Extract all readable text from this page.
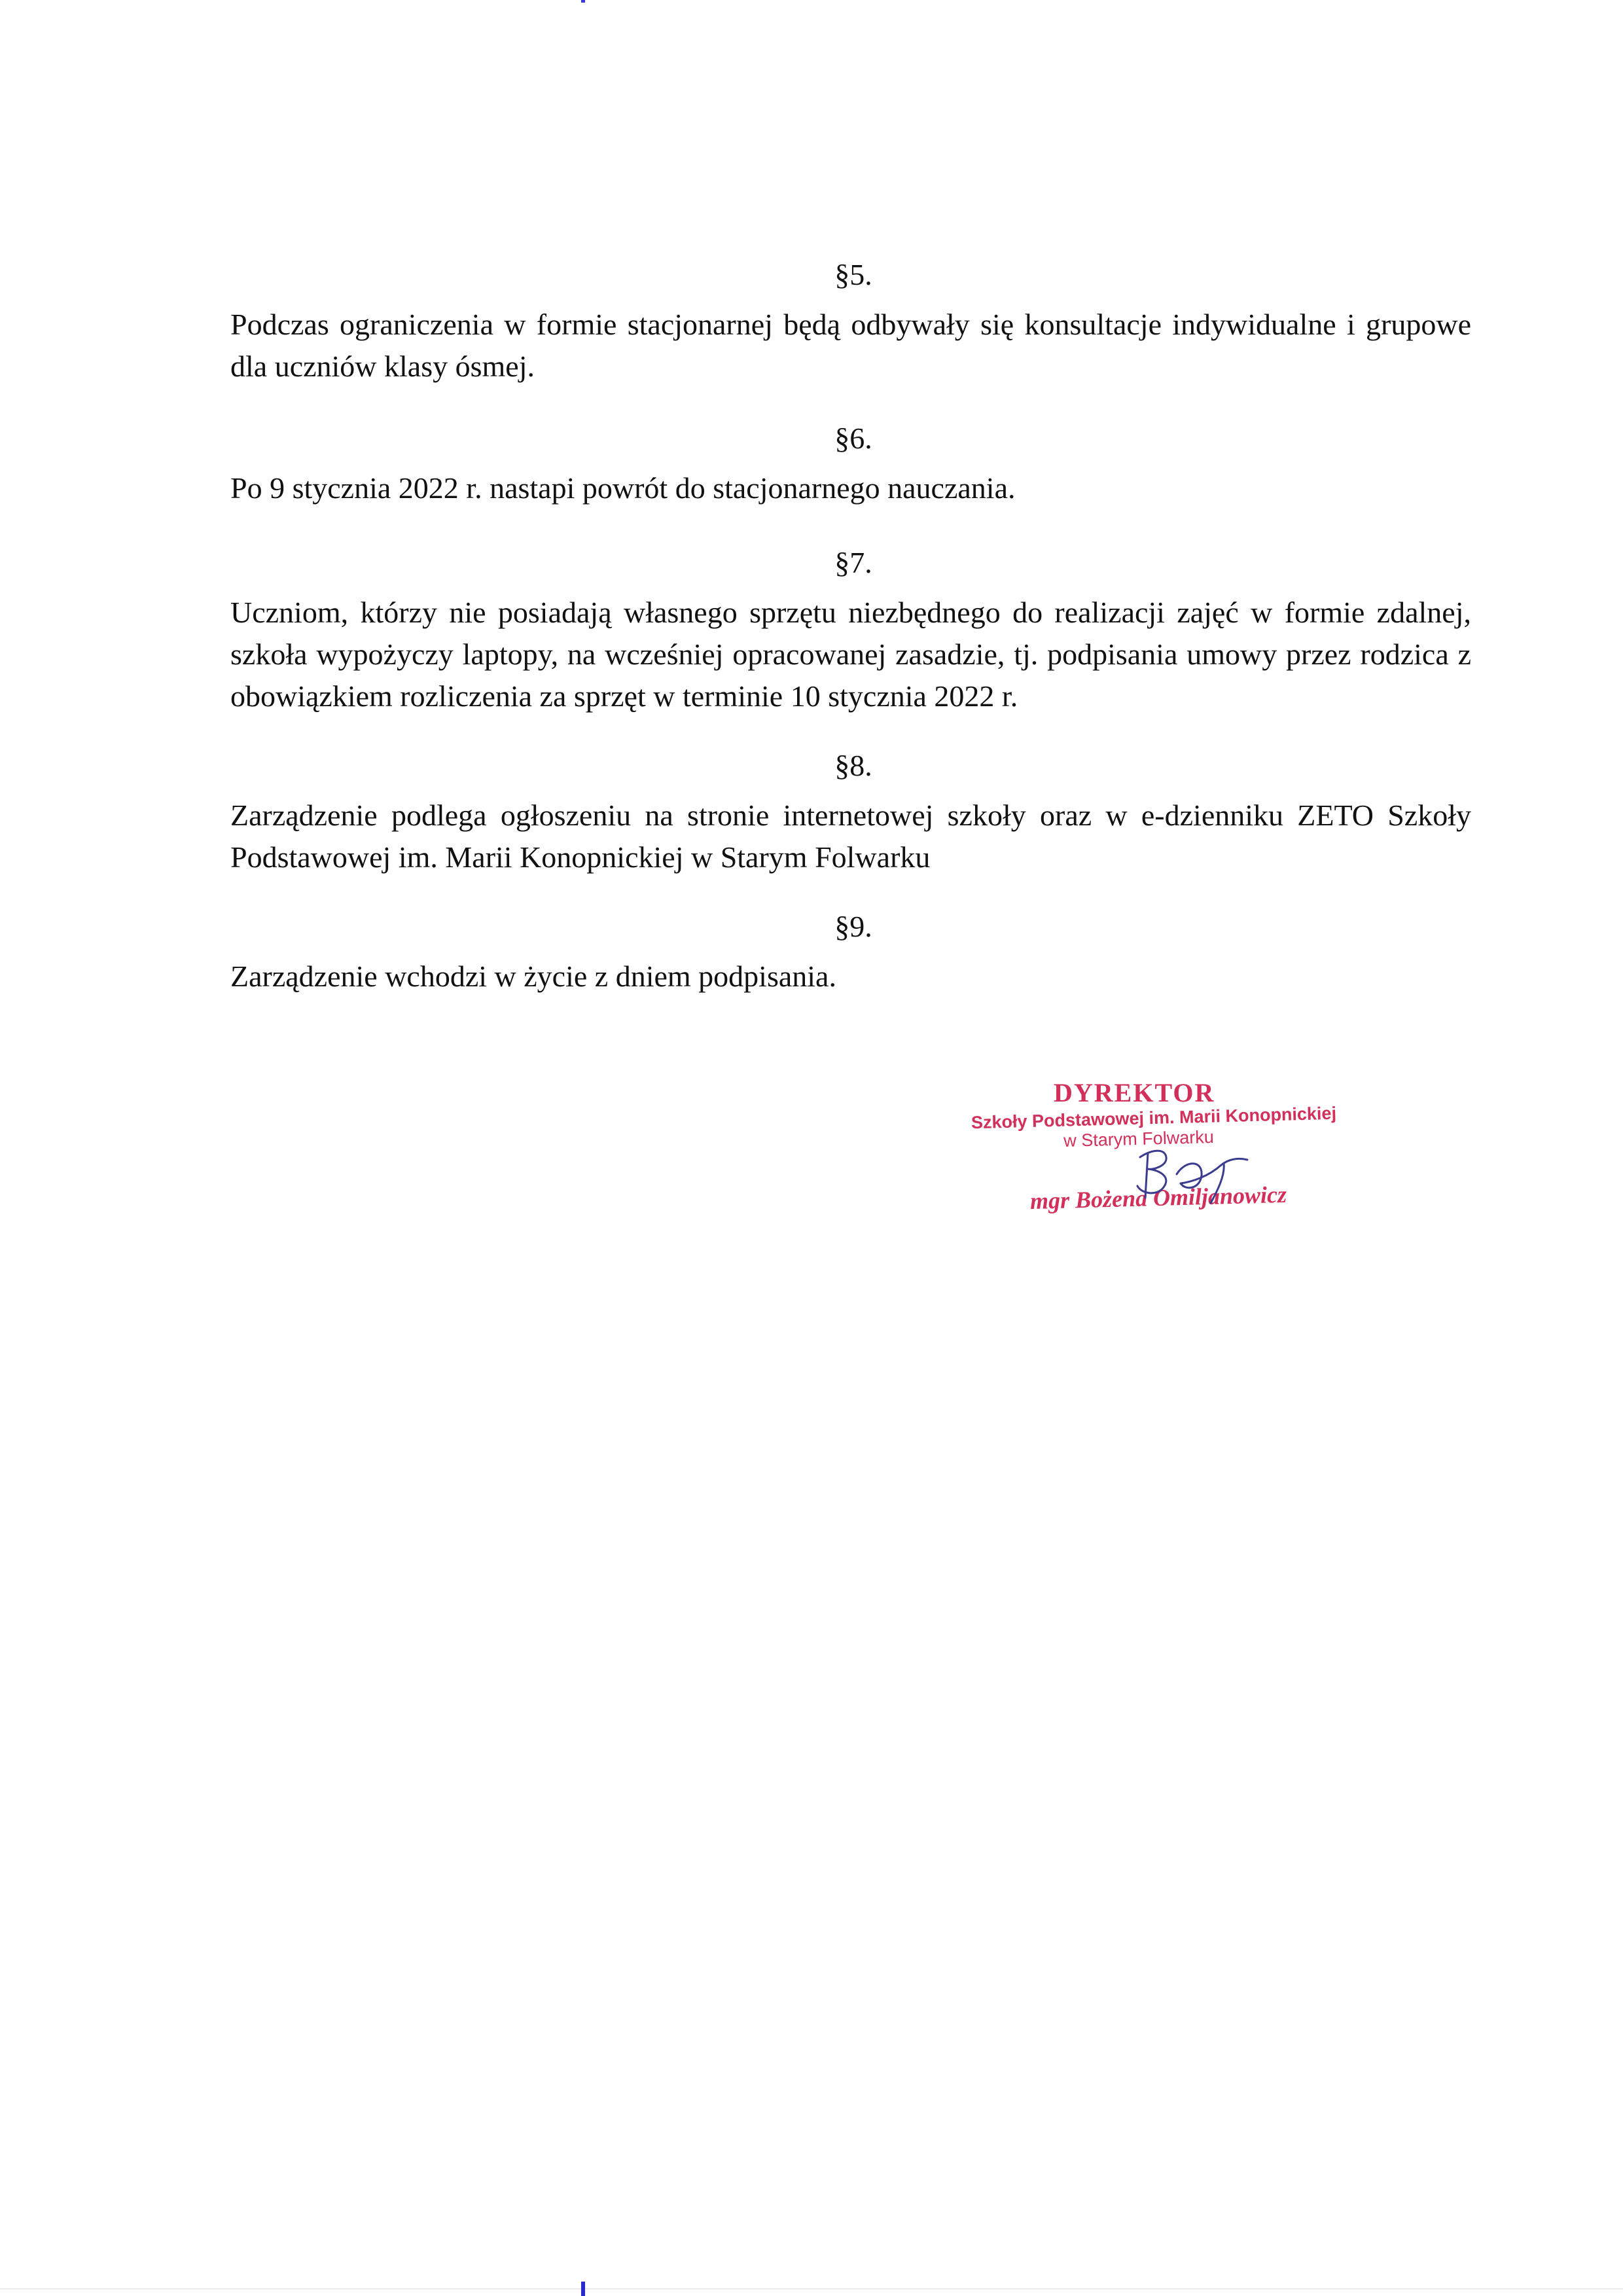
§5.

Podczas ograniczenia w formie stacjonarnej będą odbywały się konsultacje indywidualne i grupowe dla uczniów klasy ósmej.

§6.

Po 9 stycznia 2022 r. nastapi powrót do stacjonarnego nauczania.

§7.

Uczniom, którzy nie posiadają własnego sprzętu niezbędnego do realizacji zajęć w formie zdalnej, szkoła wypożyczy laptopy, na wcześniej opracowanej zasadzie, tj. podpisania umowy przez rodzica z obowiązkiem rozliczenia za sprzęt w terminie 10 stycznia 2022 r.

§8.

Zarządzenie podlega ogłoszeniu na stronie internetowej szkoły oraz w e-dzienniku ZETO Szkoły Podstawowej im. Marii Konopnickiej w Starym Folwarku

§9.

Zarządzenie wchodzi w życie z dniem podpisania.

DYREKTOR
Szkoły Podstawowej im. Marii Konopnickiej
w Starym Folwarku
mgr Bożena Omiljanowicz
